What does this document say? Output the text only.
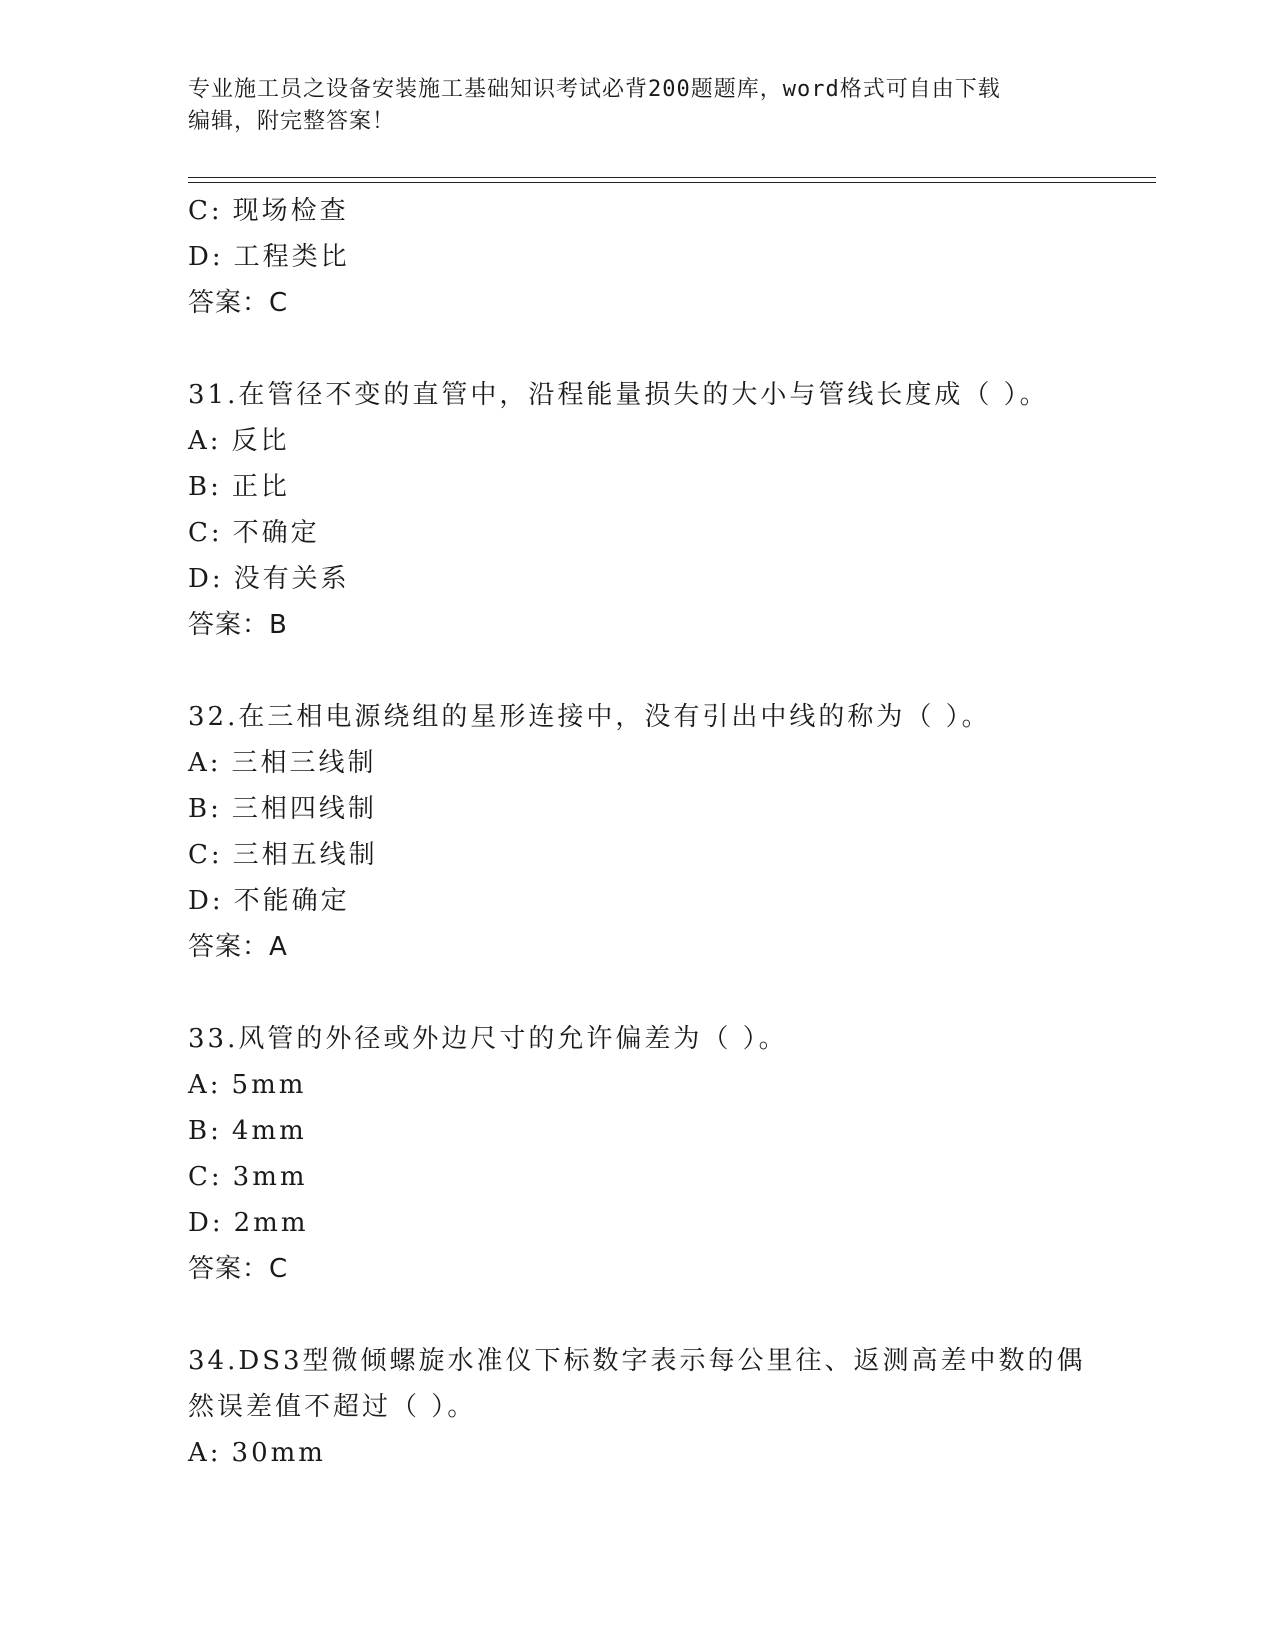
专业施工员之设备安装施工基础知识考试必背200题题库，word格式可自由下载
编辑，附完整答案！
C: 现场检查
D: 工程类比
答案：C
31.在管径不变的直管中，沿程能量损失的大小与管线长度成（ ）。
A: 反比
B: 正比
C: 不确定
D: 没有关系
答案：B
32.在三相电源绕组的星形连接中，没有引出中线的称为（ ）。
A: 三相三线制
B: 三相四线制
C: 三相五线制
D: 不能确定
答案：A
33.风管的外径或外边尺寸的允许偏差为（ ）。
A: 5mm
B: 4mm
C: 3mm
D: 2mm
答案：C
34.DS3型微倾螺旋水准仪下标数字表示每公里往、返测高差中数的偶
然误差值不超过（ ）。
A: 30mm
